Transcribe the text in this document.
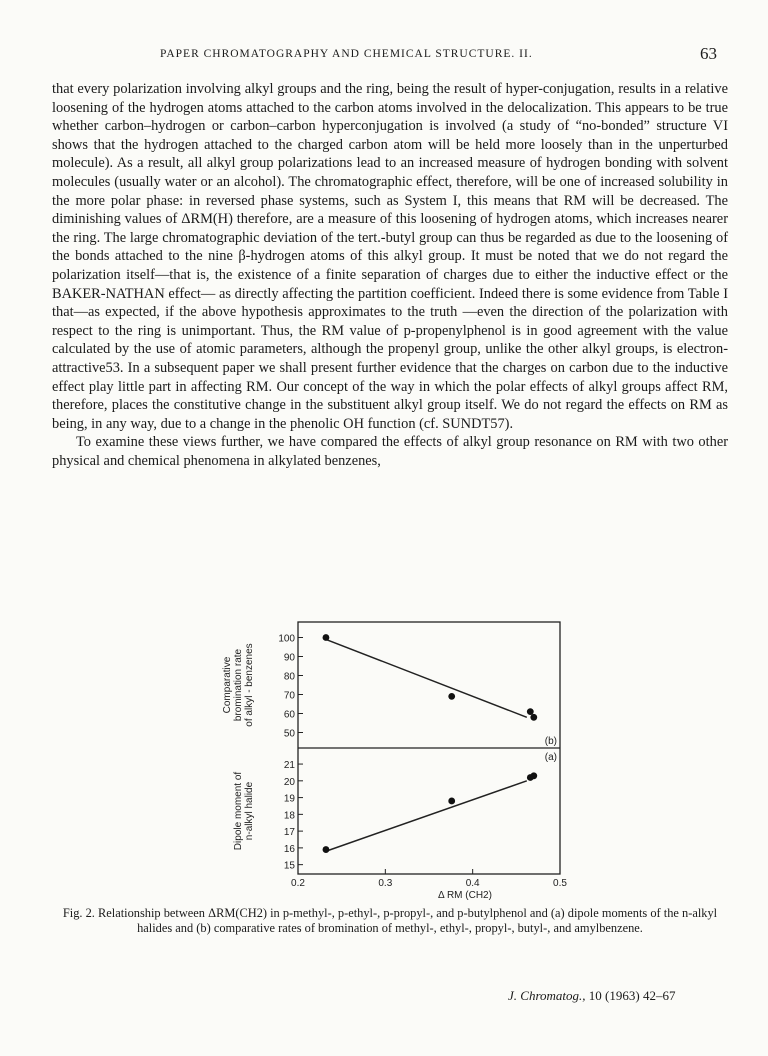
PAPER CHROMATOGRAPHY AND CHEMICAL STRUCTURE. II.	63

that every polarization involving alkyl groups and the ring, being the result of hyper-conjugation, results in a relative loosening of the hydrogen atoms attached to the carbon atoms involved in the delocalization. This appears to be true whether carbon–hydrogen or carbon–carbon hyperconjugation is involved (a study of “no-bonded” structure VI shows that the hydrogen attached to the charged carbon atom will be held more loosely than in the unperturbed molecule). As a result, all alkyl group polarizations lead to an increased measure of hydrogen bonding with solvent molecules (usually water or an alcohol). The chromatographic effect, therefore, will be one of increased solubility in the more polar phase: in reversed phase systems, such as System I, this means that RM will be decreased. The diminishing values of ΔRM(H) therefore, are a measure of this loosening of hydrogen atoms, which increases nearer the ring. The large chromatographic deviation of the tert.-butyl group can thus be regarded as due to the loosening of the bonds attached to the nine β-hydrogen atoms of this alkyl group. It must be noted that we do not regard the polarization itself—that is, the existence of a finite separation of charges due to either the inductive effect or the BAKER-NATHAN effect— as directly affecting the partition coefficient. Indeed there is some evidence from Table I that—as expected, if the above hypothesis approximates to the truth —even the direction of the polarization with respect to the ring is unimportant. Thus, the RM value of p-propenylphenol is in good agreement with the value calculated by the use of atomic parameters, although the propenyl group, unlike the other alkyl groups, is electron-attractive53. In a subsequent paper we shall present further evidence that the charges on carbon due to the inductive effect play little part in affecting RM. Our concept of the way in which the polar effects of alkyl groups affect RM, therefore, places the constitutive change in the substituent alkyl group itself. We do not regard the effects on RM as being, in any way, due to a change in the phenolic OH function (cf. SUNDT57).

To examine these views further, we have compared the effects of alkyl group resonance on RM with two other physical and chemical phenomena in alkylated benzenes,

100
90
80
70
60
50
Comparative bromination rate of alkyl - benzenes
(b)
21
20
19
18
17
16
15
Dipole moment of n-alkyl halide
(a)
0.2	0.3	0.4	0.5
Δ RM (CH2)
Fig. 2. Relationship between ΔRM(CH2) in p-methyl-, p-ethyl-, p-propyl-, and p-butylphenol and (a) dipole moments of the n-alkyl halides and (b) comparative rates of bromination of methyl-, ethyl-, propyl-, butyl-, and amylbenzene.
J. Chromatog., 10 (1963) 42–67
